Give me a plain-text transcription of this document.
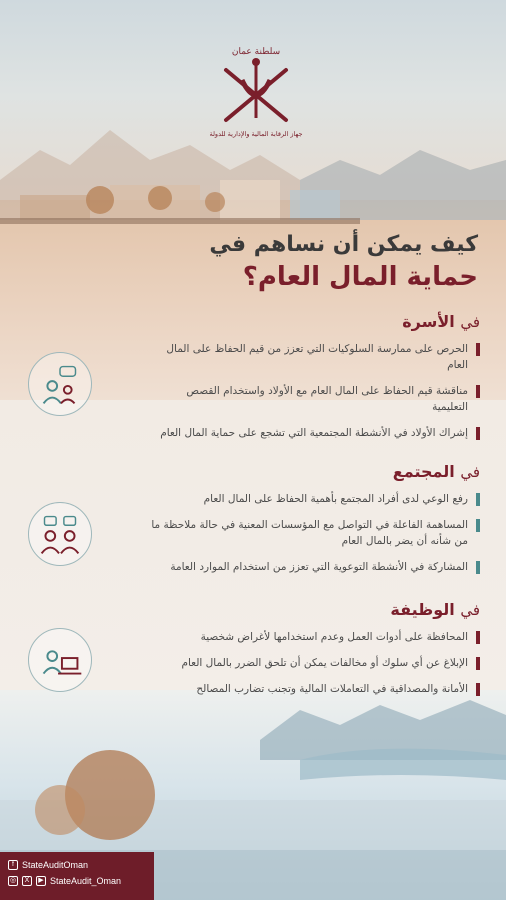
سلطنة عمان
جهاز الرقابة المالية والإدارية للدولة
كيف يمكن أن نساهم في
حماية المال العام؟
في الأسرة
الحرص على ممارسة السلوكيات التي تعزز من قيم الحفاظ على المال العام
مناقشة قيم الحفاظ على المال العام مع الأولاد واستخدام القصص التعليمية
إشراك الأولاد في الأنشطة المجتمعية التي تشجع على حماية المال العام
في المجتمع
رفع الوعي لدى أفراد المجتمع بأهمية الحفاظ على المال العام
المساهمة الفاعلة في التواصل مع المؤسسات المعنية في حالة ملاحظة ما من شأنه أن يضر بالمال العام
المشاركة في الأنشطة التوعوية التي تعزز من استخدام الموارد العامة
في الوظيفة
المحافظة على أدوات العمل وعدم استخدامها لأغراض شخصية
الإبلاغ عن أي سلوك أو مخالفات يمكن أن تلحق الضرر بالمال العام
الأمانة والمصداقية في التعاملات المالية وتجنب تضارب المصالح
f StateAuditOman
◎	X	▶ StateAudit_Oman
